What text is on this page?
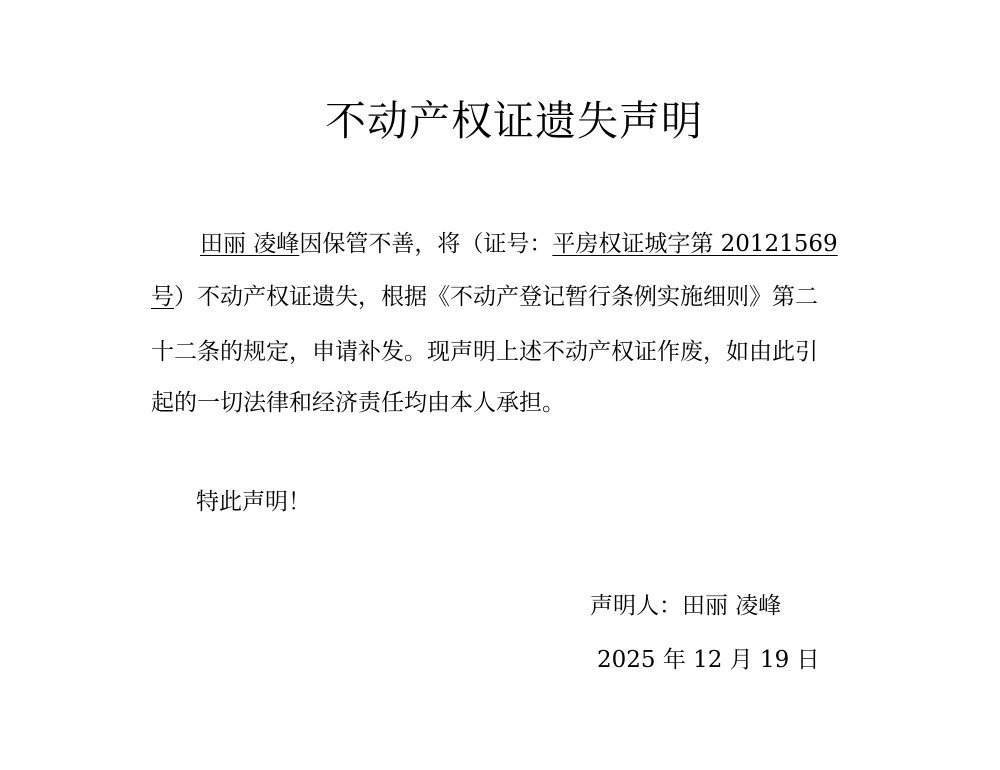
不动产权证遗失声明
田丽 凌峰因保管不善，将（证号：平房权证城字第 20121569
号）不动产权证遗失，根据《不动产登记暂行条例实施细则》第二
十二条的规定，申请补发。现声明上述不动产权证作废，如由此引
起的一切法律和经济责任均由本人承担。
特此声明！
声明人：田丽 凌峰
2025 年 12 月 19 日
